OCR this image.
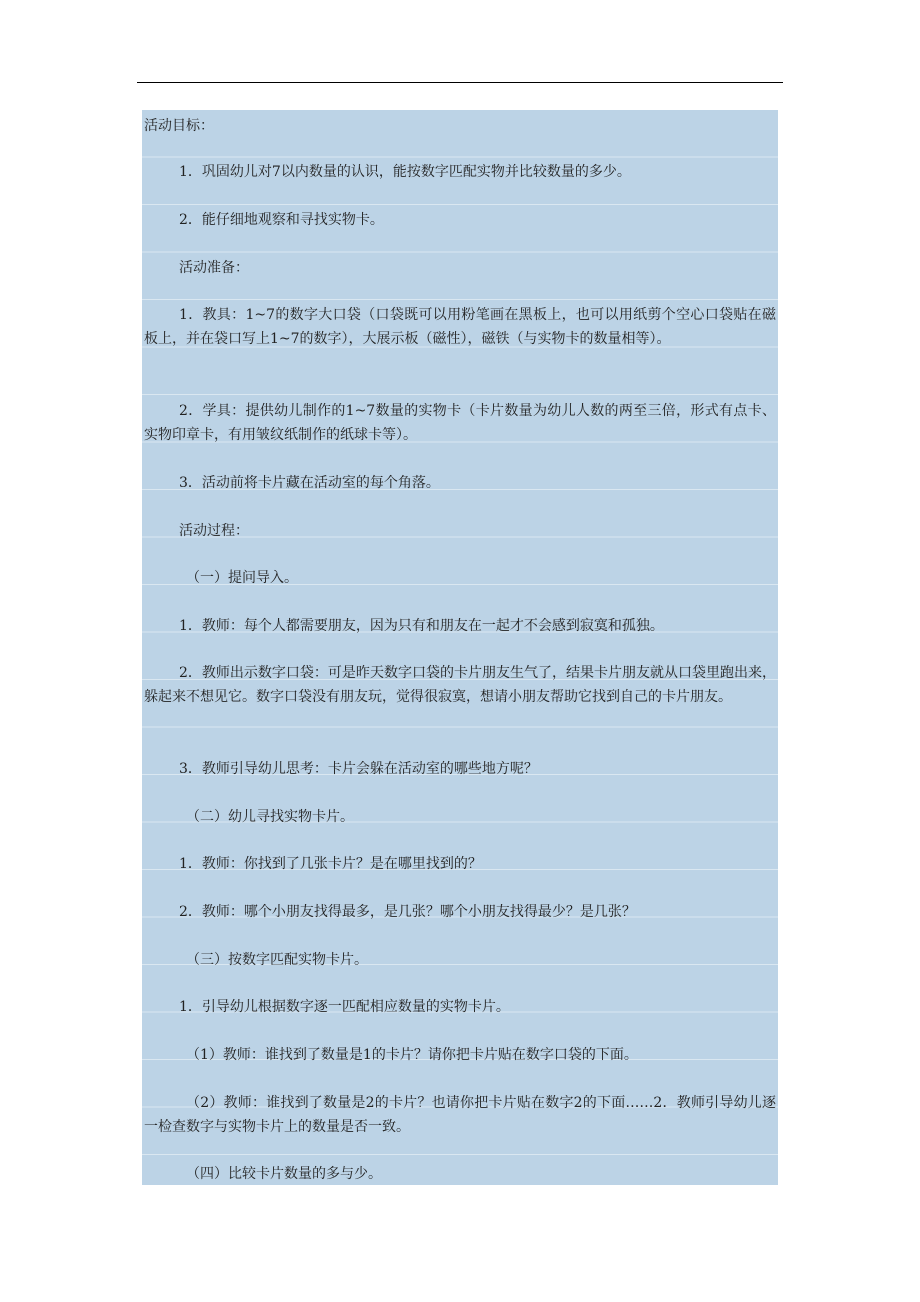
活动目标：

1．巩固幼儿对7以内数量的认识，能按数字匹配实物并比较数量的多少。

2．能仔细地观察和寻找实物卡。

活动准备：

1．教具：1~7的数字大口袋（口袋既可以用粉笔画在黑板上，也可以用纸剪个空心口袋贴在磁板上，并在袋口写上1~7的数字），大展示板（磁性），磁铁（与实物卡的数量相等）。

2．学具：提供幼儿制作的1~7数量的实物卡（卡片数量为幼儿人数的两至三倍，形式有点卡、实物印章卡，有用皱纹纸制作的纸球卡等）。

3．活动前将卡片藏在活动室的每个角落。

活动过程：

（一）提问导入。

1．教师：每个人都需要朋友，因为只有和朋友在一起才不会感到寂寞和孤独。

2．教师出示数字口袋：可是昨天数字口袋的卡片朋友生气了，结果卡片朋友就从口袋里跑出来，躲起来不想见它。数字口袋没有朋友玩，觉得很寂寞，想请小朋友帮助它找到自己的卡片朋友。

3．教师引导幼儿思考：卡片会躲在活动室的哪些地方呢？

（二）幼儿寻找实物卡片。

1．教师：你找到了几张卡片？是在哪里找到的？

2．教师：哪个小朋友找得最多，是几张？哪个小朋友找得最少？是几张？

（三）按数字匹配实物卡片。

1．引导幼儿根据数字逐一匹配相应数量的实物卡片。

（1）教师：谁找到了数量是1的卡片？请你把卡片贴在数字口袋的下面。

（2）教师：谁找到了数量是2的卡片？也请你把卡片贴在数字2的下面……2．教师引导幼儿逐一检查数字与实物卡片上的数量是否一致。

（四）比较卡片数量的多与少。
